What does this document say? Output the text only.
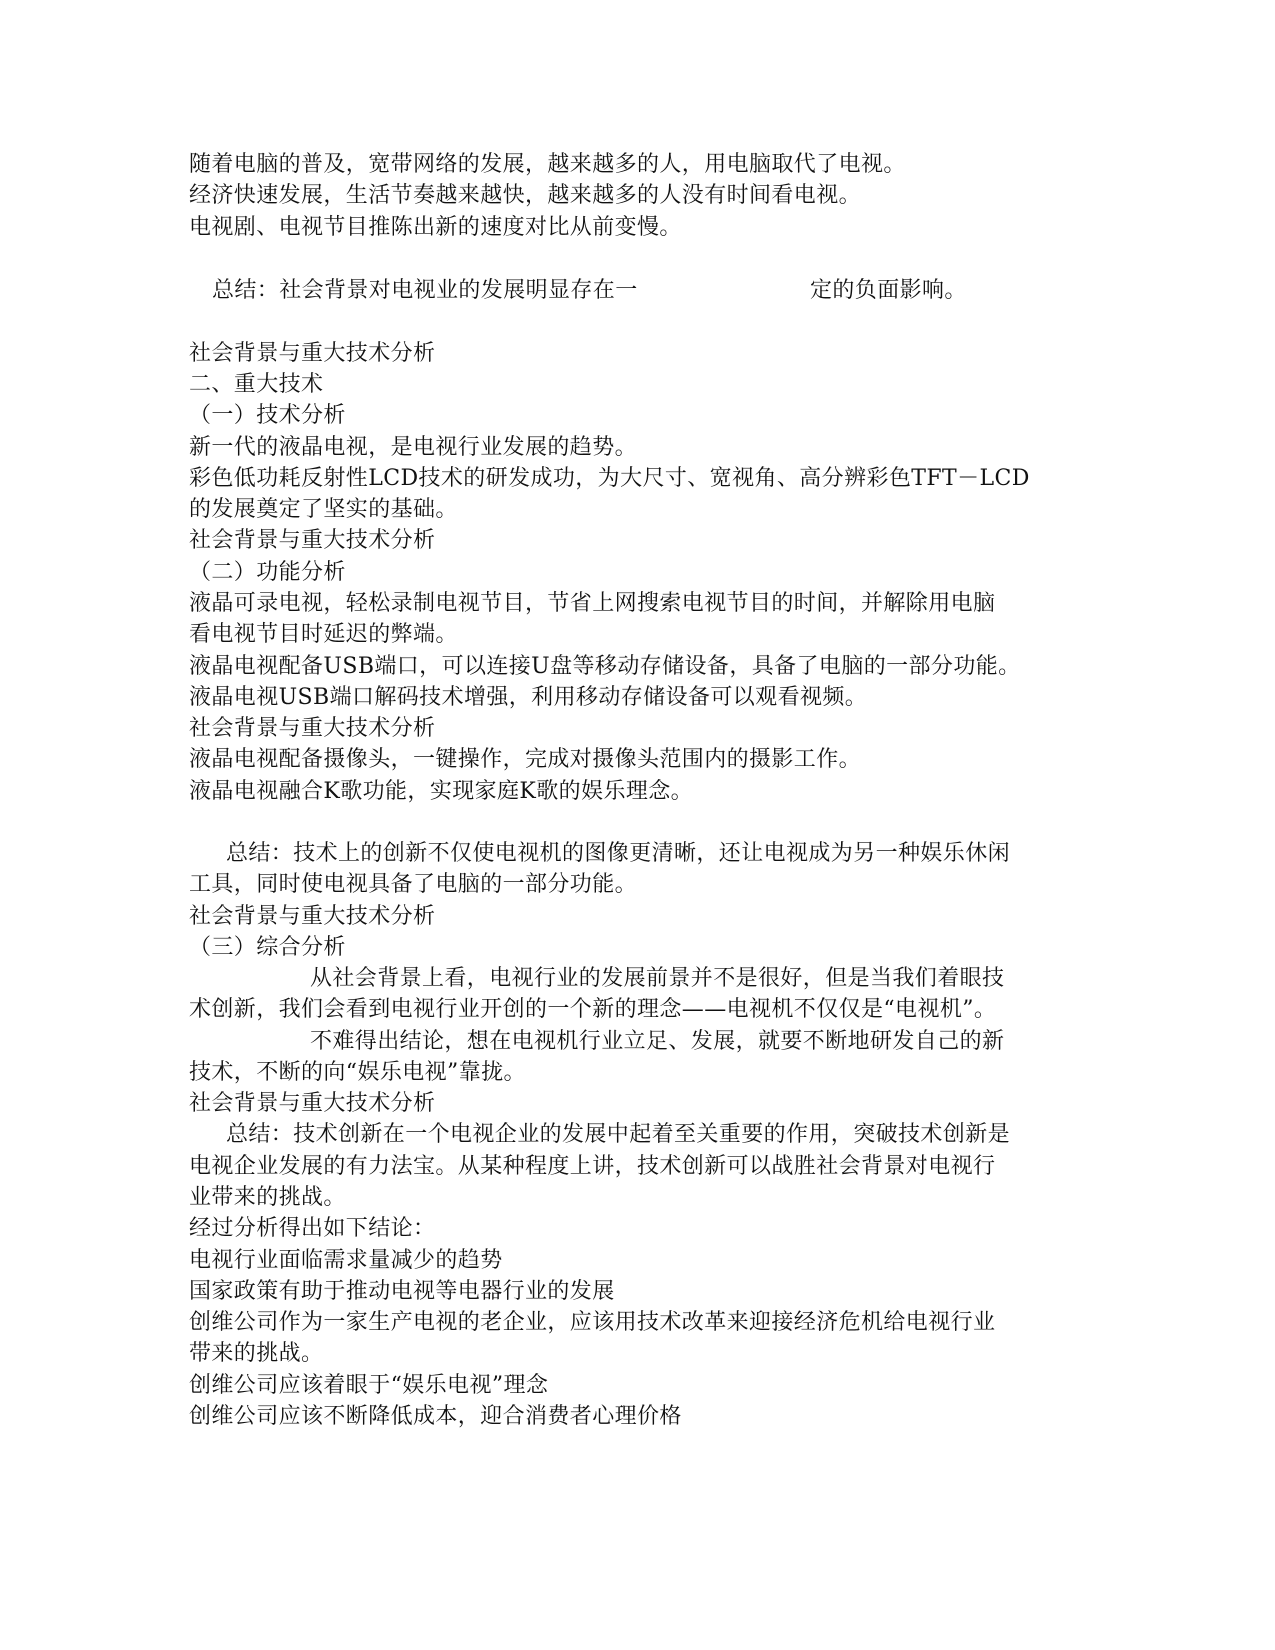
随着电脑的普及，宽带网络的发展，越来越多的人，用电脑取代了电视。
经济快速发展，生活节奏越来越快，越来越多的人没有时间看电视。
电视剧、电视节目推陈出新的速度对比从前变慢。
总结：社会背景对电视业的发展明显存在一	定的负面影响。
社会背景与重大技术分析
二、重大技术
（一）技术分析
新一代的液晶电视，是电视行业发展的趋势。
彩色低功耗反射性LCD技术的研发成功，为大尺寸、宽视角、高分辨彩色TFT－LCD
的发展奠定了坚实的基础。
社会背景与重大技术分析
（二）功能分析
液晶可录电视，轻松录制电视节目，节省上网搜索电视节目的时间，并解除用电脑
看电视节目时延迟的弊端。
液晶电视配备USB端口，可以连接U盘等移动存储设备，具备了电脑的一部分功能。
液晶电视USB端口解码技术增强，利用移动存储设备可以观看视频。
社会背景与重大技术分析
液晶电视配备摄像头，一键操作，完成对摄像头范围内的摄影工作。
液晶电视融合K歌功能，实现家庭K歌的娱乐理念。
总结：技术上的创新不仅使电视机的图像更清晰，还让电视成为另一种娱乐休闲
工具，同时使电视具备了电脑的一部分功能。
社会背景与重大技术分析
（三）综合分析
从社会背景上看，电视行业的发展前景并不是很好，但是当我们着眼技
术创新，我们会看到电视行业开创的一个新的理念——电视机不仅仅是“电视机”。
不难得出结论，想在电视机行业立足、发展，就要不断地研发自己的新
技术，不断的向“娱乐电视”靠拢。
社会背景与重大技术分析
总结：技术创新在一个电视企业的发展中起着至关重要的作用，突破技术创新是
电视企业发展的有力法宝。从某种程度上讲，技术创新可以战胜社会背景对电视行
业带来的挑战。
经过分析得出如下结论：
电视行业面临需求量减少的趋势
国家政策有助于推动电视等电器行业的发展
创维公司作为一家生产电视的老企业，应该用技术改革来迎接经济危机给电视行业
带来的挑战。
创维公司应该着眼于“娱乐电视”理念
创维公司应该不断降低成本，迎合消费者心理价格
